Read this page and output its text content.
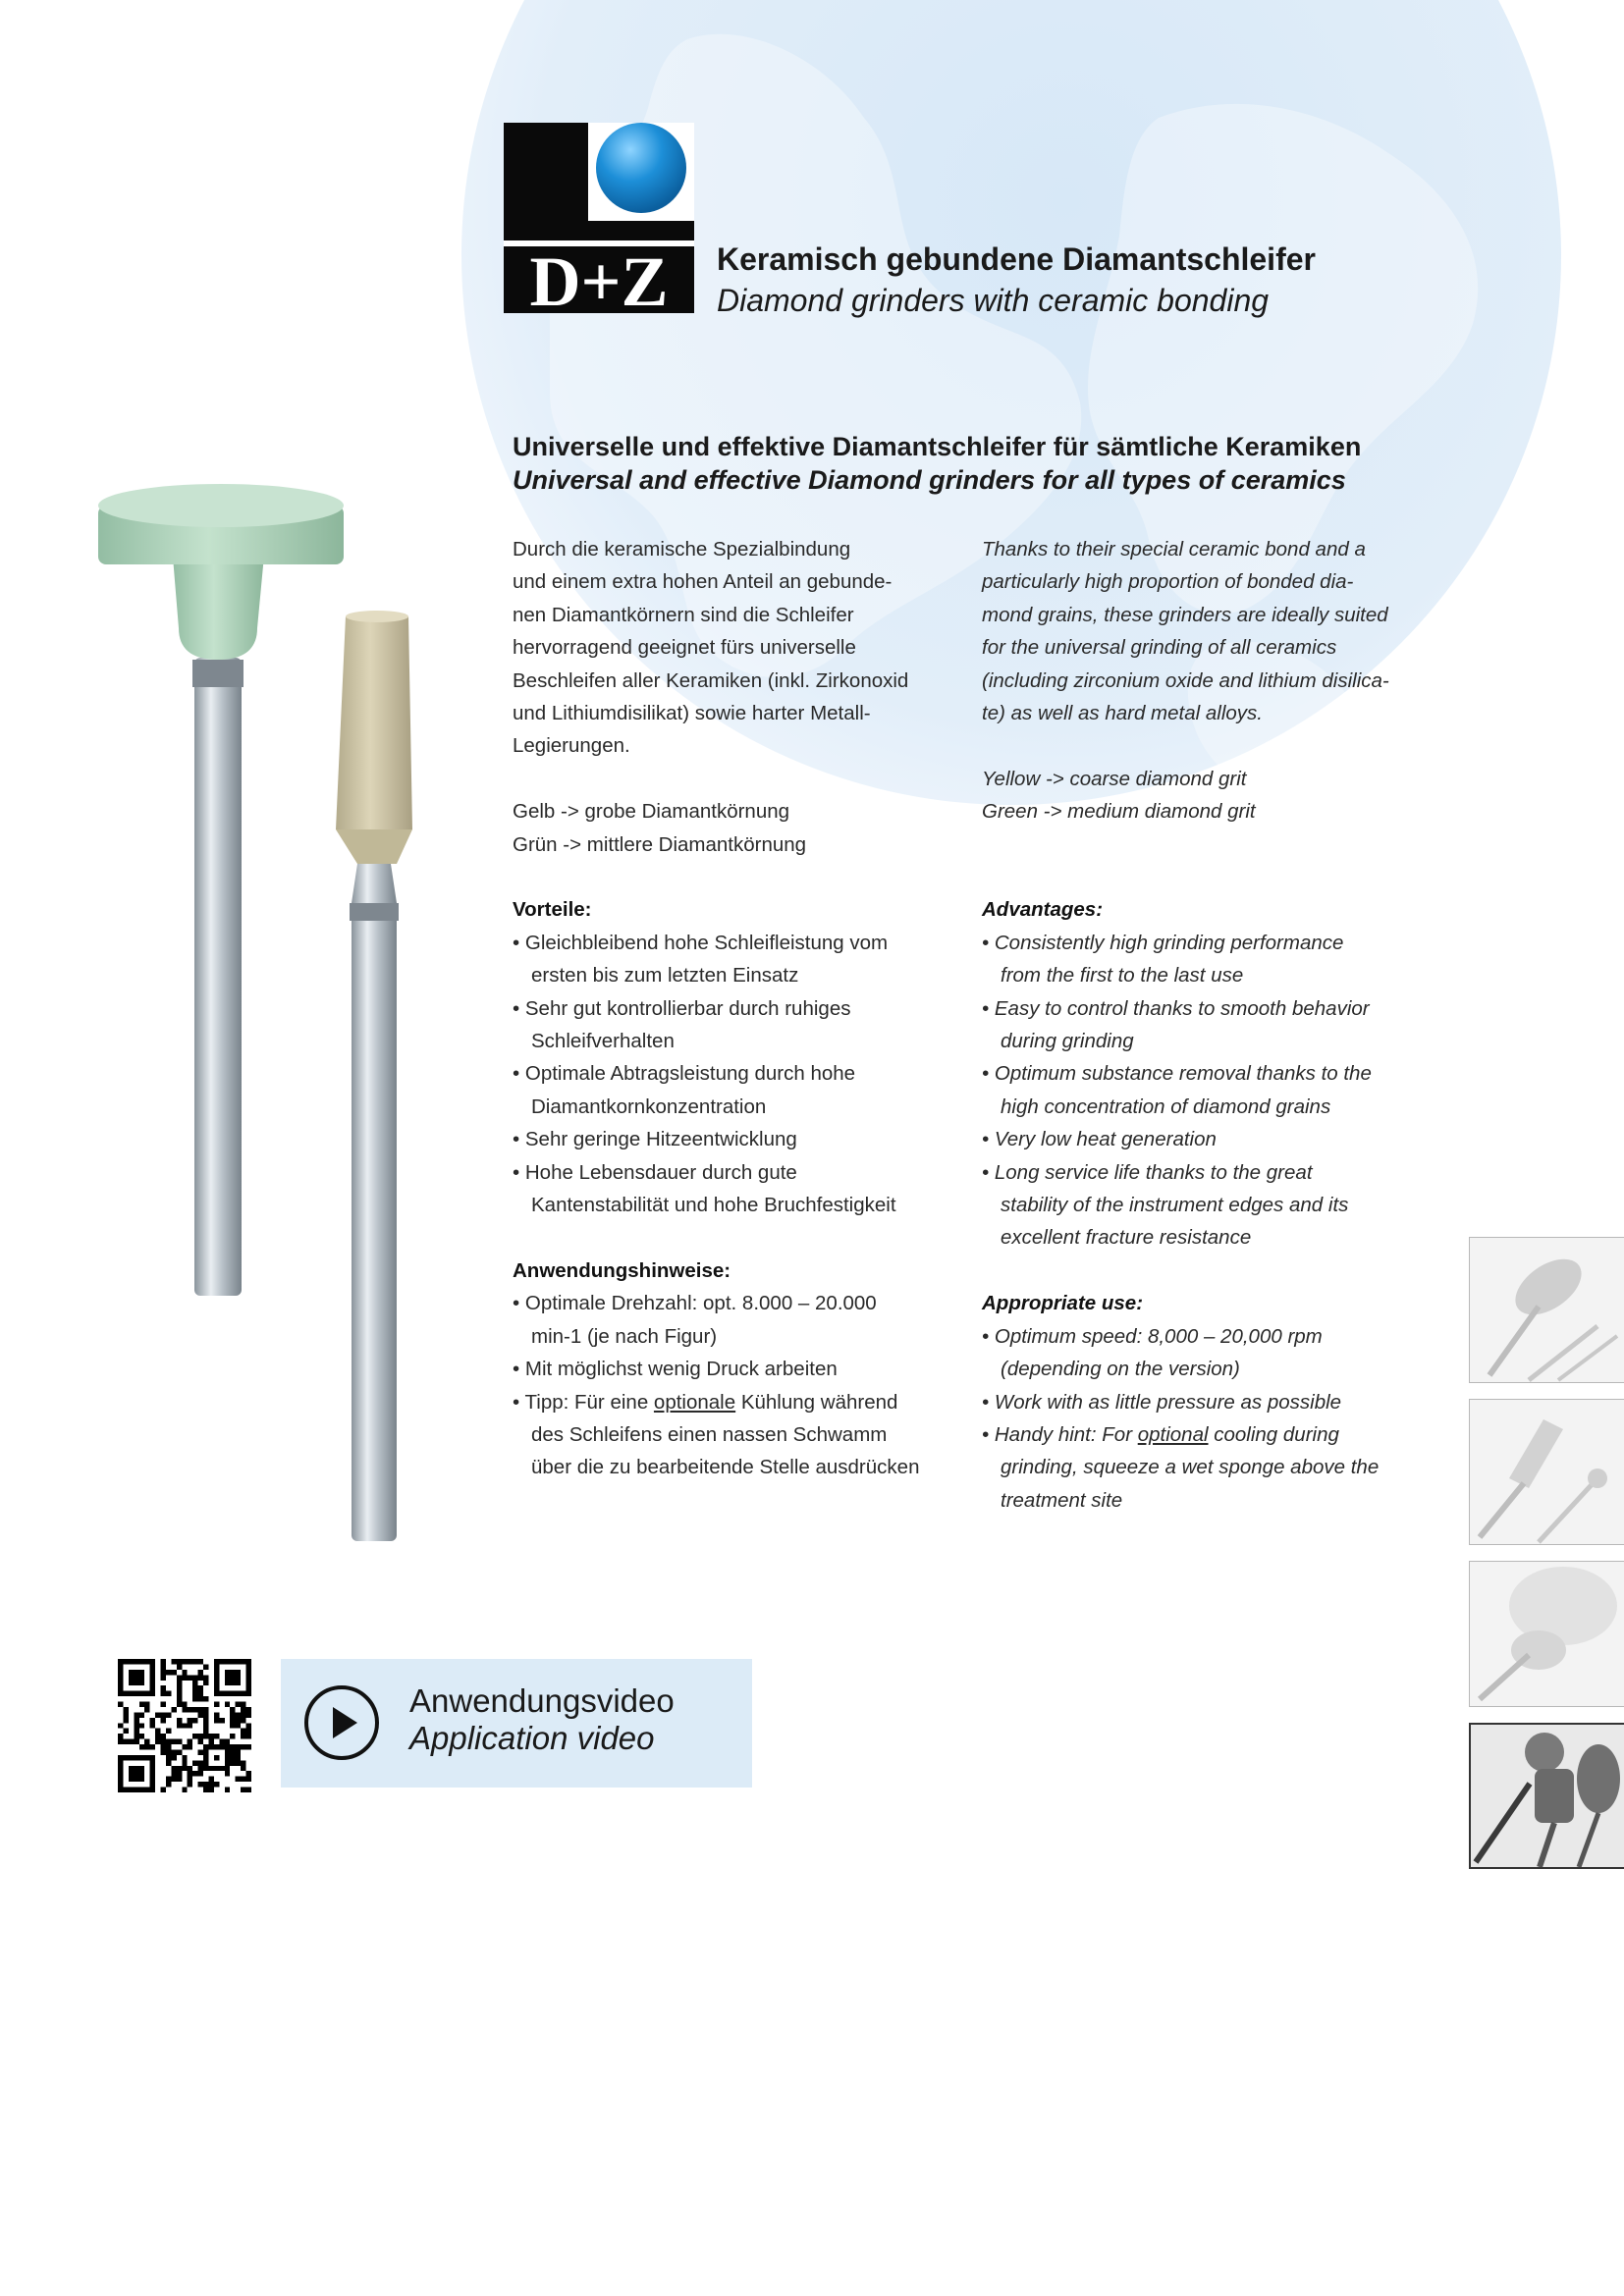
D+Z Keramisch gebundene Diamantschleifer
Diamond grinders with ceramic bonding
Universelle und effektive Diamantschleifer für sämtliche Keramiken
Universal and effective Diamond grinders for all types of ceramics

Durch die keramische Spezialbindung

und einem extra hohen Anteil an gebunde-

nen Diamantkörnern sind die Schleifer

hervorragend geeignet fürs universelle

Beschleifen aller Keramiken (inkl. Zirkonoxid

und Lithiumdisilikat) sowie harter Metall-

Legierungen.

Gelb -> grobe Diamantkörnung

Grün -> mittlere Diamantkörnung

Vorteile:

• Gleichbleibend hohe Schleifleistung vom

ersten bis zum letzten Einsatz

• Sehr gut kontrollierbar durch ruhiges

Schleifverhalten

• Optimale Abtragsleistung durch hohe

Diamantkornkonzentration

• Sehr geringe Hitzeentwicklung

• Hohe Lebensdauer durch gute

Kantenstabilität und hohe Bruchfestigkeit

Anwendungshinweise:

• Optimale Drehzahl: opt. 8.000 – 20.000

min-1 (je nach Figur)

• Mit möglichst wenig Druck arbeiten

• Tipp: Für eine optionale Kühlung während

des Schleifens einen nassen Schwamm

über die zu bearbeitende Stelle ausdrücken

Thanks to their special ceramic bond and a

particularly high proportion of bonded dia-

mond grains, these grinders are ideally suited

for the universal grinding of all ceramics

(including zirconium oxide and lithium disilica-

te) as well as hard metal alloys.

Yellow -> coarse diamond grit

Green -> medium diamond grit

Advantages:

• Consistently high grinding performance

from the first to the last use

• Easy to control thanks to smooth behavior

during grinding

• Optimum substance removal thanks to the

high concentration of diamond grains

• Very low heat generation

• Long service life thanks to the great

stability of the instrument edges and its

excellent fracture resistance

Appropriate use:

• Optimum speed: 8,000 – 20,000 rpm

(depending on the version)

• Work with as little pressure as possible

• Handy hint: For optional cooling during

grinding, squeeze a wet sponge above the

treatment site

Anwendungsvideo
Application video
